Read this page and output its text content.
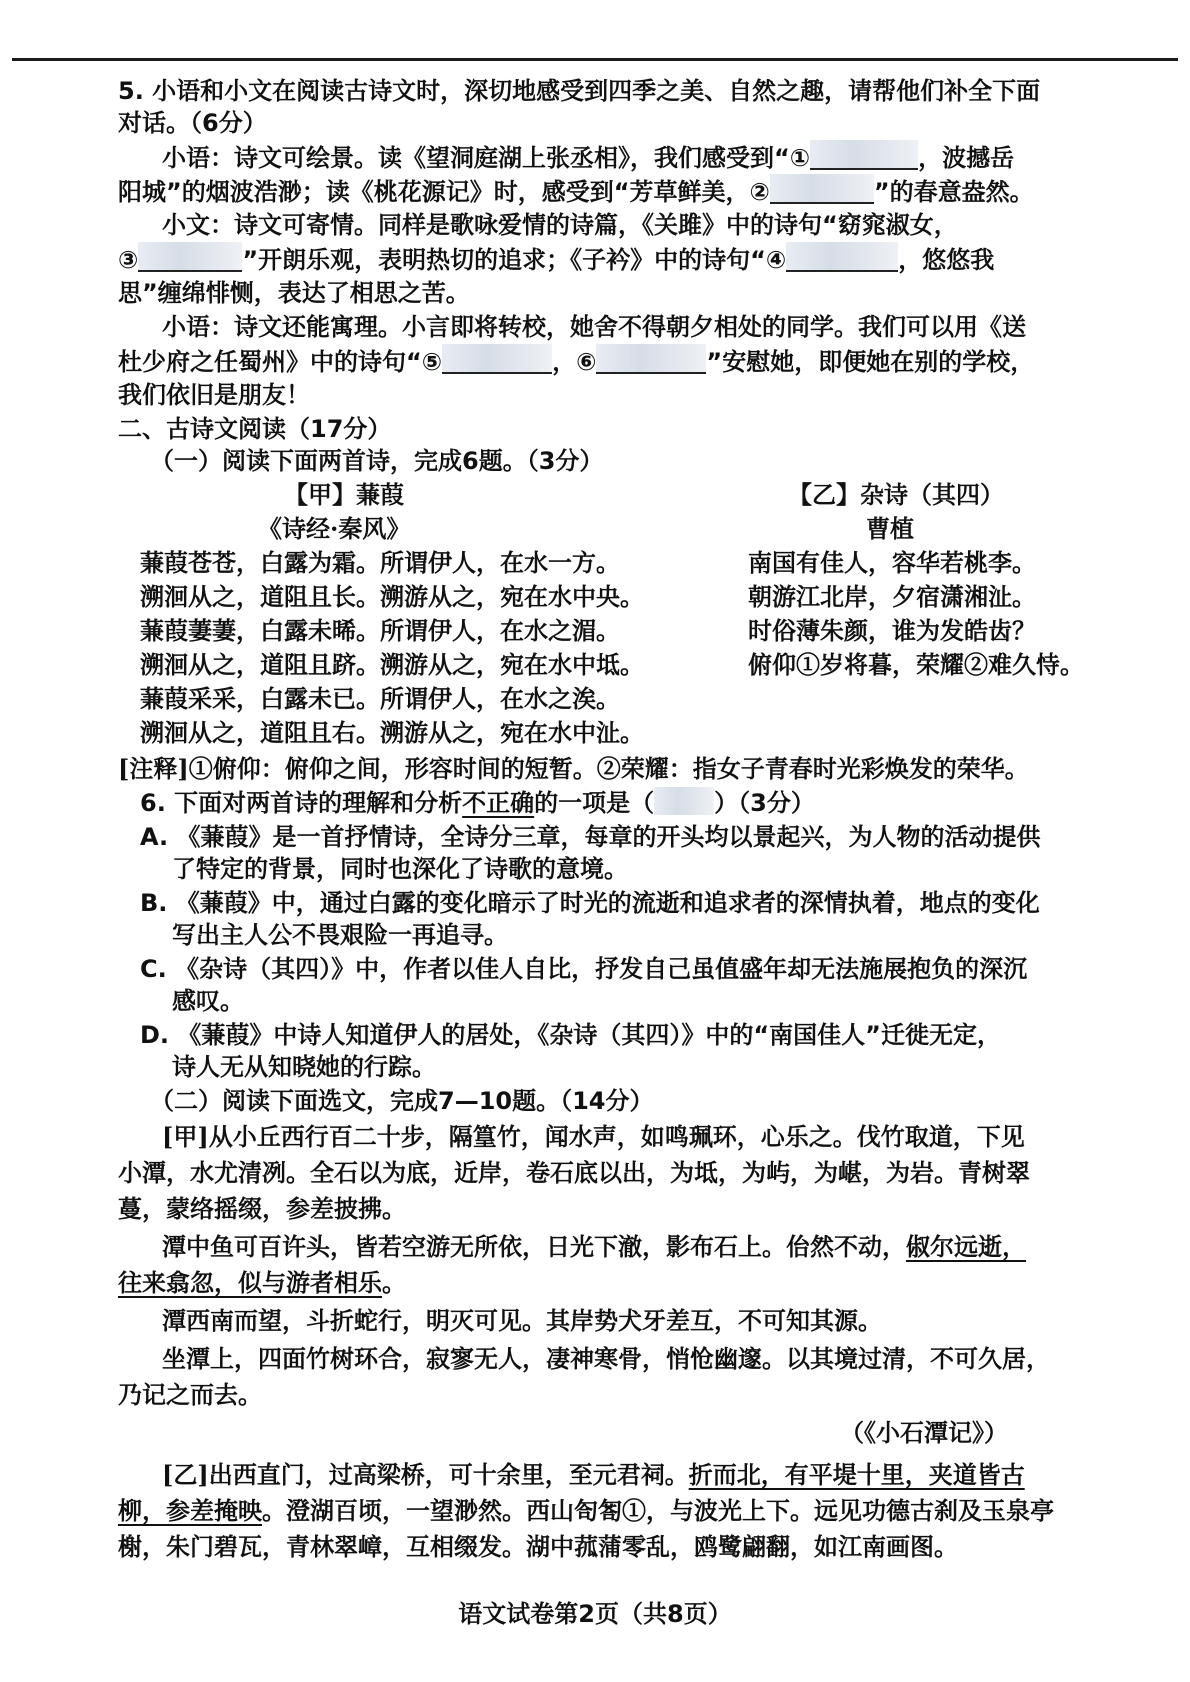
5. 小语和小文在阅读古诗文时，深切地感受到四季之美、自然之趣，请帮他们补全下面
对话。（6分）
小语：诗文可绘景。读《望洞庭湖上张丞相》，我们感受到“①	，波撼岳
阳城”的烟波浩渺；读《桃花源记》时，感受到“芳草鲜美，②	”的春意盎然。
小文：诗文可寄情。同样是歌咏爱情的诗篇，《关雎》中的诗句“窈窕淑女，
③	”开朗乐观，表明热切的追求；《子衿》中的诗句“④	，悠悠我
思”缠绵悱恻，表达了相思之苦。
小语：诗文还能寓理。小言即将转校，她舍不得朝夕相处的同学。我们可以用《送
杜少府之任蜀州》中的诗句“⑤	，⑥	”安慰她，即便她在别的学校，
我们依旧是朋友！
二、古诗文阅读（17分）
（一）阅读下面两首诗，完成6题。（3分）
【甲】蒹葭
《诗经·秦风》
蒹葭苍苍，白露为霜。所谓伊人，在水一方。
溯洄从之，道阻且长。溯游从之，宛在水中央。
蒹葭萋萋，白露未晞。所谓伊人，在水之湄。
溯洄从之，道阻且跻。溯游从之，宛在水中坻。
蒹葭采采，白露未已。所谓伊人，在水之涘。
溯洄从之，道阻且右。溯游从之，宛在水中沚。
【乙】杂诗（其四）
曹植
南国有佳人，容华若桃李。
朝游江北岸，夕宿潇湘沚。
时俗薄朱颜，谁为发皓齿？
俯仰①岁将暮，荣耀②难久恃。
[注释]①俯仰：俯仰之间，形容时间的短暂。②荣耀：指女子青春时光彩焕发的荣华。
6. 下面对两首诗的理解和分析不正确的一项是（	）（3分）
A. 《蒹葭》是一首抒情诗，全诗分三章，每章的开头均以景起兴，为人物的活动提供
了特定的背景，同时也深化了诗歌的意境。
B. 《蒹葭》中，通过白露的变化暗示了时光的流逝和追求者的深情执着，地点的变化
写出主人公不畏艰险一再追寻。
C. 《杂诗（其四）》中，作者以佳人自比，抒发自己虽值盛年却无法施展抱负的深沉
感叹。
D. 《蒹葭》中诗人知道伊人的居处，《杂诗（其四）》中的“南国佳人”迁徙无定，
诗人无从知晓她的行踪。
（二）阅读下面选文，完成7—10题。（14分）
[甲]从小丘西行百二十步，隔篁竹，闻水声，如鸣珮环，心乐之。伐竹取道，下见
小潭，水尤清冽。全石以为底，近岸，卷石底以出，为坻，为屿，为嵁，为岩。青树翠
蔓，蒙络摇缀，参差披拂。
潭中鱼可百许头，皆若空游无所依，日光下澈，影布石上。佁然不动，俶尔远逝，
往来翕忽，似与游者相乐。
潭西南而望，斗折蛇行，明灭可见。其岸势犬牙差互，不可知其源。
坐潭上，四面竹树环合，寂寥无人，凄神寒骨，悄怆幽邃。以其境过清，不可久居，
乃记之而去。
（《小石潭记》）
[乙]出西直门，过高梁桥，可十余里，至元君祠。折而北，有平堤十里，夹道皆古
柳，参差掩映。澄湖百顷，一望渺然。西山匌匒①，与波光上下。远见功德古刹及玉泉亭
榭，朱门碧瓦，青林翠嶂，互相缀发。湖中菰蒲零乱，鸥鹭翩翻，如江南画图。
语文试卷第2页（共8页）
